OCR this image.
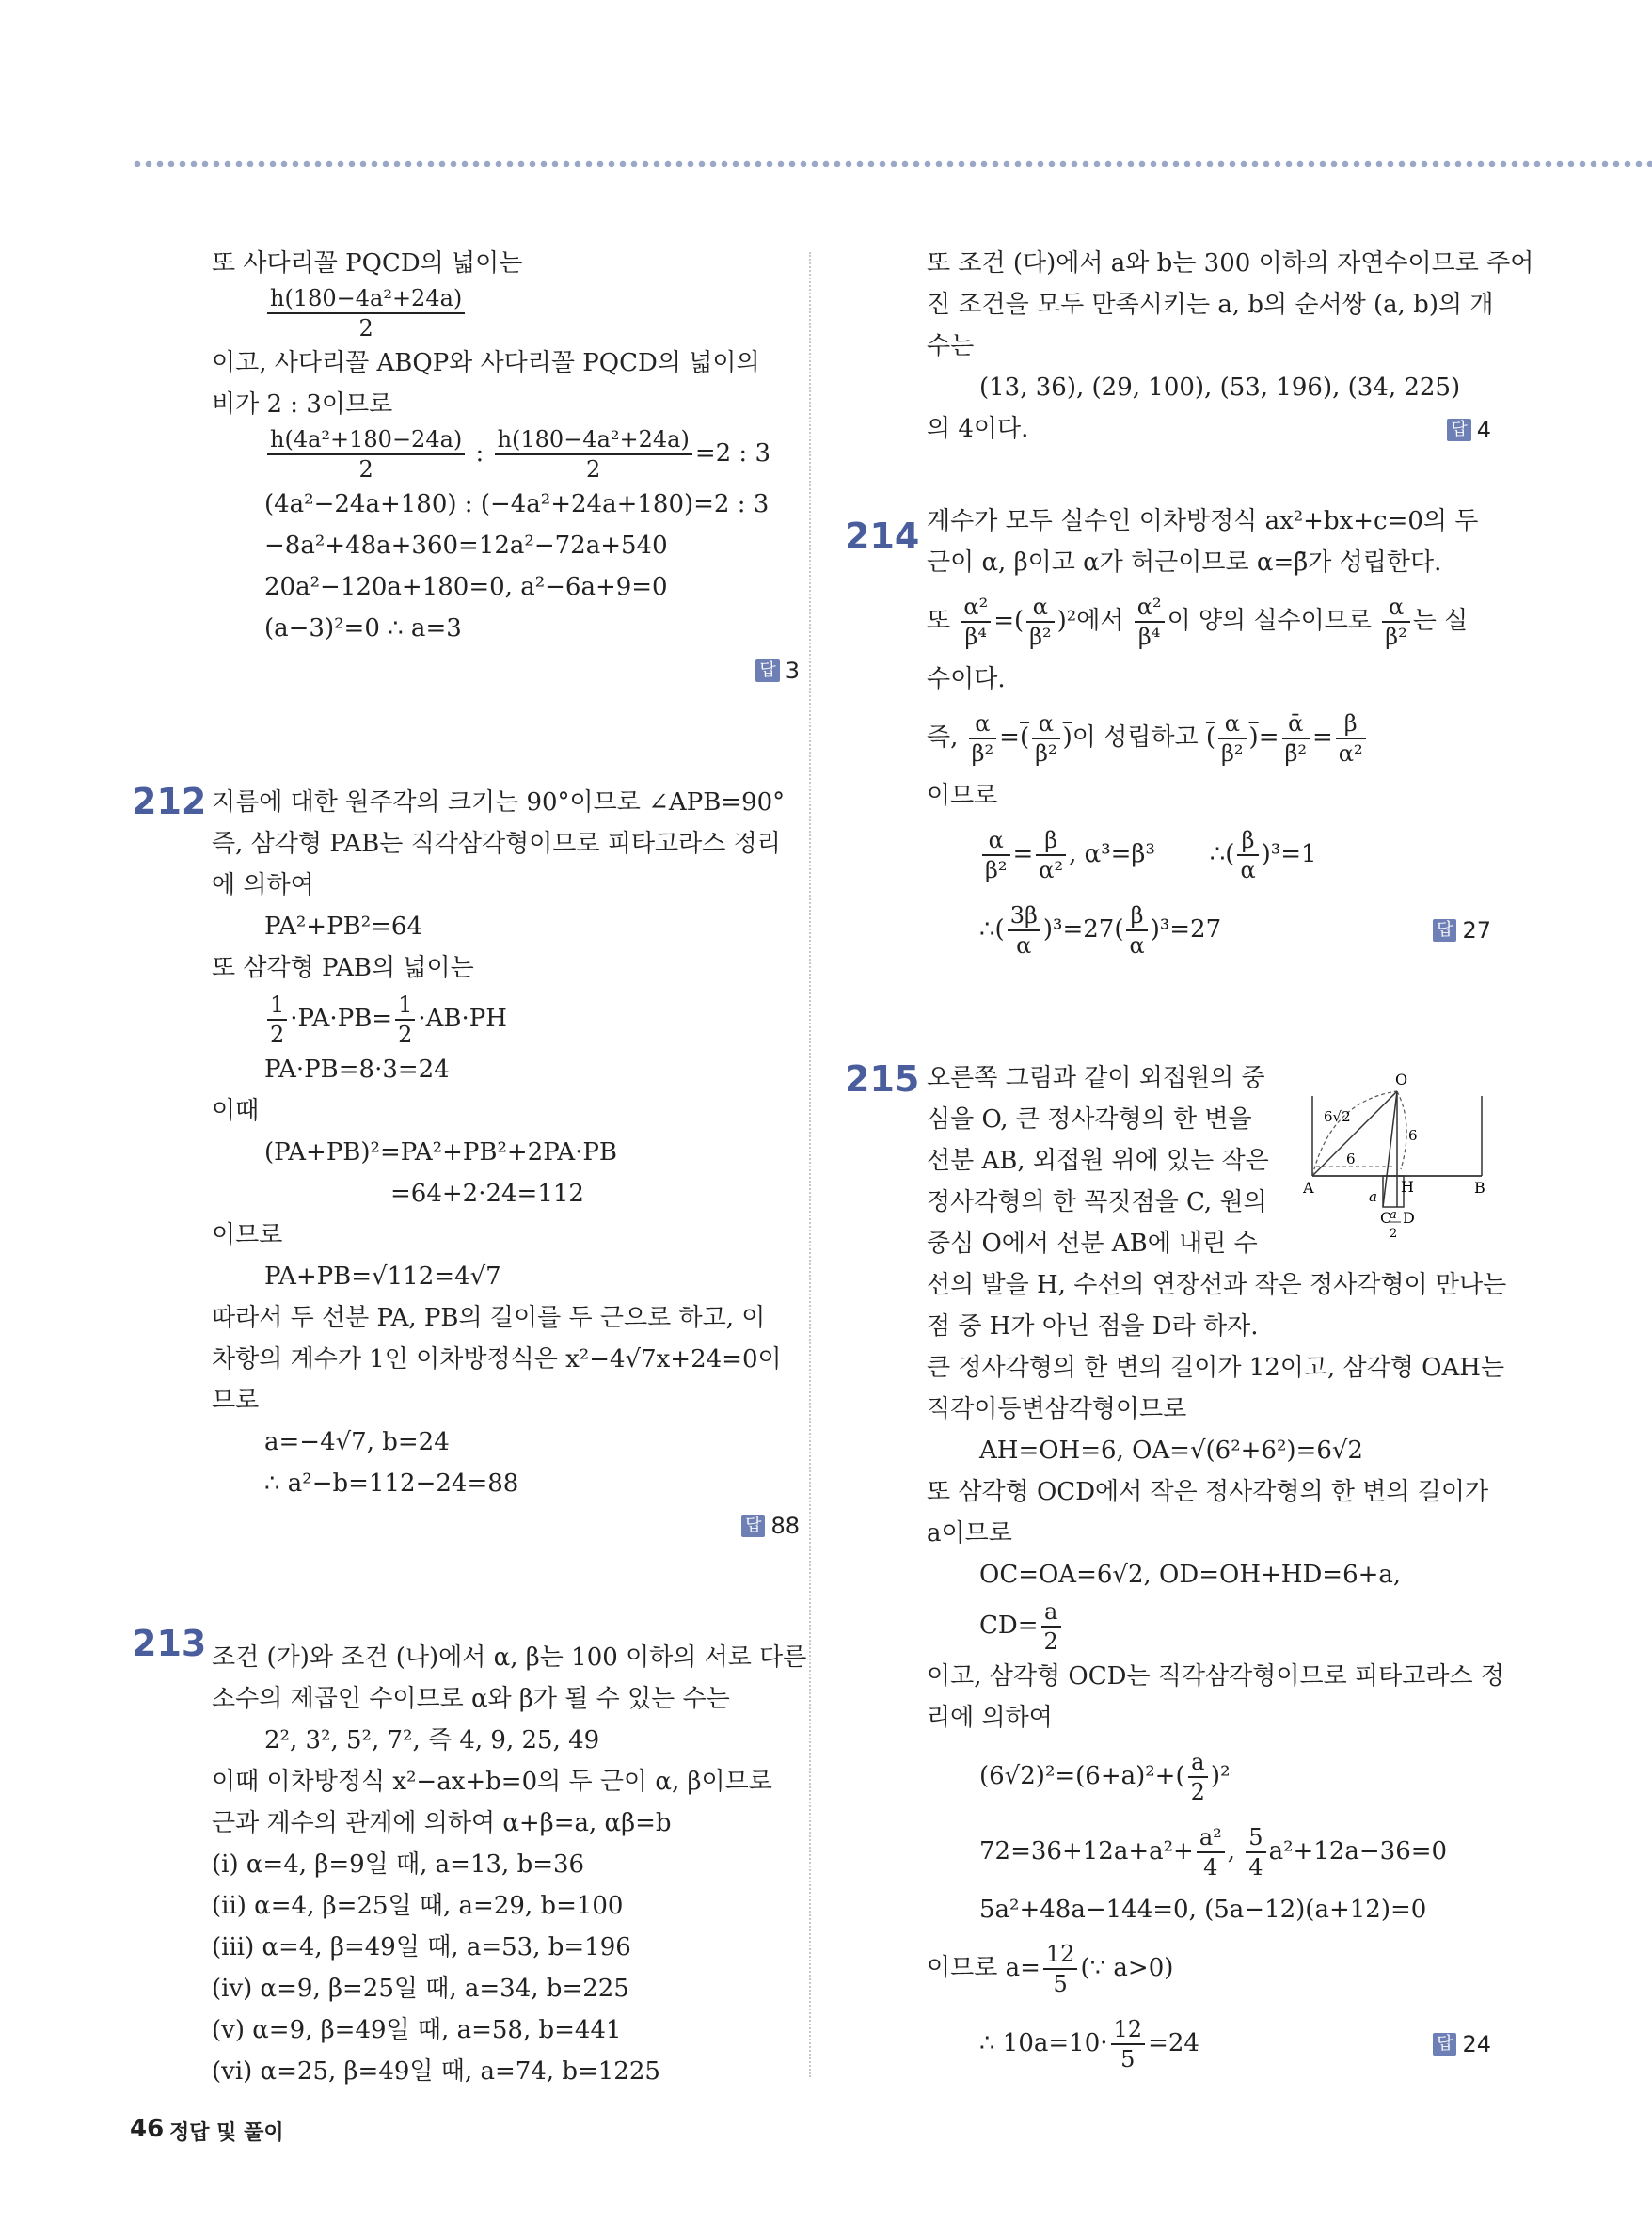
또 사다리꼴 PQCD의 넓이는
$\frac{\text{h(180−4a²+24a)}}{2}$
이고, 사다리꼴 ABQP와 사다리꼴 PQCD의 넓이의
비가 2 : 3이므로
$\frac{\text{h(4a²+180−24a)}}{2}$ : $\frac{\text{h(180−4a²+24a)}}{2} =2$ : 3
(4a²−24a+180) : (−4a²+24a+180)=2 : 3
−8a²+48a+360=12a²−72a+540
20a²−120a+180=0, a²−6a+9=0
(a−3)²=0 ∴ a=3
답 3
지름에 대한 원주각의 크기는 90°이므로 ∠APB=90°
즉, 삼각형 PAB는 직각삼각형이므로 피타고라스 정리
에 의하여
PA²+PB²=64
또 삼각형 PAB의 넓이는
$\frac{1}{2} \cdot PA\cdot PB= \frac{1}{2} \cdot AB\cdot PH$
PA·PB=8·3=24
이때
(PA+PB)²=PA²+PB²+2PA·PB
=64+2·24=112
이므로
PA+PB=√112=4√7
따라서 두 선분 PA, PB의 길이를 두 근으로 하고, 이
차항의 계수가 1인 이차방정식은 x²−4√7x+24=0이
므로
a=−4√7, b=24
∴ a²−b=112−24=88
답 88
조건 (가)와 조건 (나)에서 α, β는 100 이하의 서로 다른
소수의 제곱인 수이므로 α와 β가 될 수 있는 수는
2², 3², 5², 7², 즉 4, 9, 25, 49
이때 이차방정식 x²−ax+b=0의 두 근이 α, β이므로
근과 계수의 관계에 의하여 α+β=a, αβ=b
(i) α=4, β=9일 때, a=13, b=36
(ii) α=4, β=25일 때, a=29, b=100
(iii) α=4, β=49일 때, a=53, b=196
(iv) α=9, β=25일 때, a=34, b=225
(v) α=9, β=49일 때, a=58, b=441
(vi) α=25, β=49일 때, a=74, b=1225
212
213
또 조건 (다)에서 a와 b는 300 이하의 자연수이므로 주어
진 조건을 모두 만족시키는 a, b의 순서쌍 (a, b)의 개
수는
(13, 36), (29, 100), (53, 196), (34, 225)
의 4이다.	답 4
계수가 모두 실수인 이차방정식 ax²+bx+c=0의 두
근이 α, β이고 α가 허근이므로 α=β̄가 성립한다.
또 $\frac{\text{α²}}{\text{β⁴}}$ =( $\frac{\alpha}{\text{β²}} )^2$에서 $\frac{\text{α²}}{\text{β⁴}}$ 이 양의 실수이므로 $\frac{\alpha}{\text{β²}}$ 는 실
수이다.
즉, $\frac{\alpha}{\text{β²}}$ =( $\frac{\alpha}{\text{β²}}$ )이 성립하고 ( $\frac{\alpha}{\text{β²}}$ )= $\frac{\text{ᾱ}}{\text{β̄²}} = \frac{\beta}{\text{α²}}$
이므로
$\frac{\alpha}{\text{β²}} = \frac{\beta}{\text{α²}}$ , α³=β³ ∴( $\frac{\beta}{\alpha} )^3=1$
∴( $\frac{3\beta}{\alpha} )^3=27( \frac{\beta}{\alpha} )^3=27$	답 27
오른쪽 그림과 같이 외접원의 중
심을 O, 큰 정사각형의 한 변을
선분 AB, 외접원 위에 있는 작은
정사각형의 한 꼭짓점을 C, 원의
중심 O에서 선분 AB에 내린 수
선의 발을 H, 수선의 연장선과 작은 정사각형이 만나는
점 중 H가 아닌 점을 D라 하자.
큰 정사각형의 한 변의 길이가 12이고, 삼각형 OAH는
직각이등변삼각형이므로
AH=OH=6, OA=√(6²+6²)=6√2
또 삼각형 OCD에서 작은 정사각형의 한 변의 길이가
a이므로
OC=OA=6√2, OD=OH+HD=6+a,
$CD= \frac{a}{2}$
이고, 삼각형 OCD는 직각삼각형이므로 피타고라스 정
리에 의하여
$(6√2)^2=(6+a)^2+( \frac{a}{2} )^2$
$72=36+12a+a^2+ \frac{\text{a²}}{4}$ , $\frac{5}{4} a^2+12a-36=0$
5a²+48a−144=0, (5a−12)(a+12)=0
이므로 $a= \frac{12}{5}$ (∵ a>0)
∴ $10a=10\cdot \frac{12}{5} =24$	답 24
214
215	O
A	B
C D
H
6√2
6
6
a
a
2
46 정답 및 풀이
